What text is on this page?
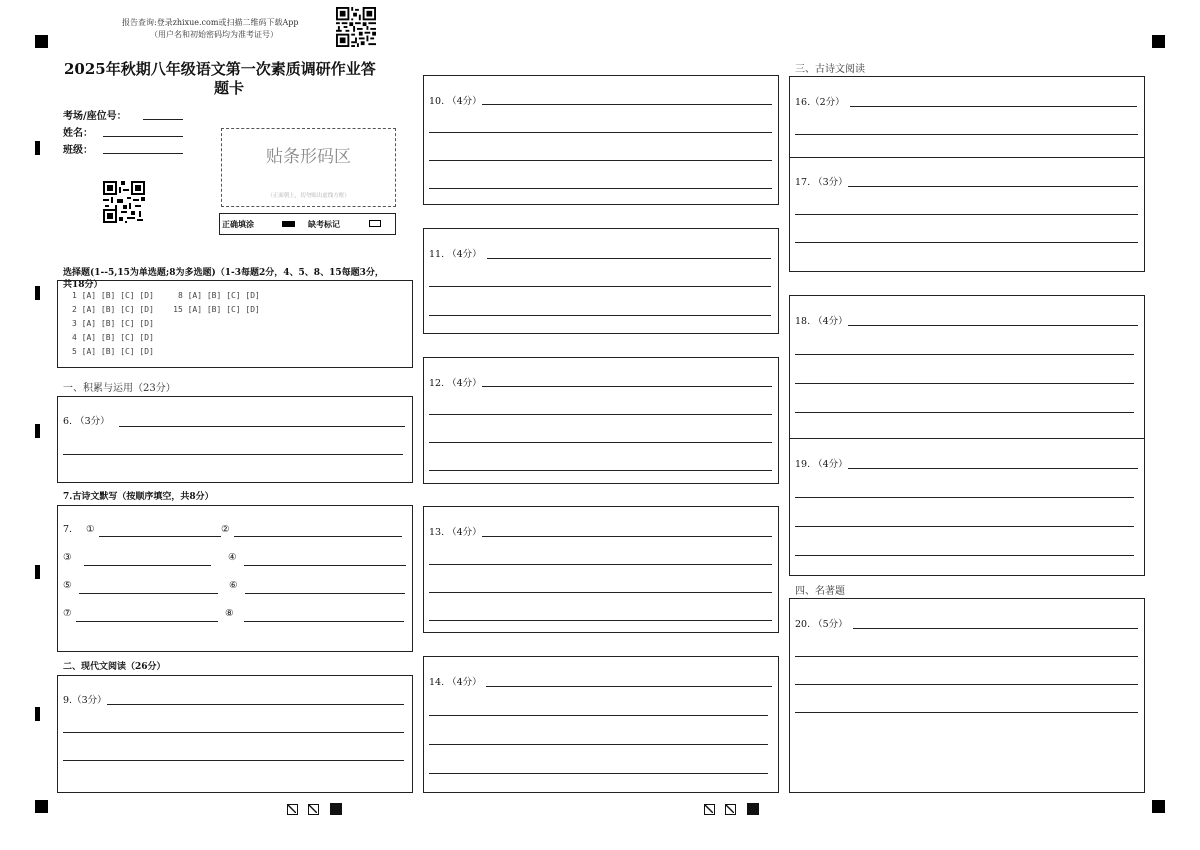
报告查询:登录zhixue.com或扫描二维码下载App
（用户名和初始密码均为准考证号）
2025年秋期八年级语文第一次素质调研作业答
题卡
考场/座位号：
姓名：
班级：	贴条形码区
（正面朝上，切勿贴出虚线方框）
正确填涂	缺考标记
选择题(1--5,15为单选题;8为多选题)（1-3每题2分，4、5、8、15每题3分，
共18分）
1 [A] [B] [C] [D]     8 [A] [B] [C] [D]
2 [A] [B] [C] [D]    15 [A] [B] [C] [D]
3 [A] [B] [C] [D]
4 [A] [B] [C] [D]
5 [A] [B] [C] [D]
一、积累与运用（23分）
6. （3分）
7.古诗文默写（按顺序填空，共8分）
7. ①	②
③	④
⑤	⑥
⑦	⑧
二、现代文阅读（26分）
9.（3分）
10. （4分）
11. （4分）
12. （4分）
13. （4分）
14. （4分）
三、古诗文阅读
16.（2分）
17. （3分）
18. （4分）
19. （4分）
四、名著题
20. （5分）
